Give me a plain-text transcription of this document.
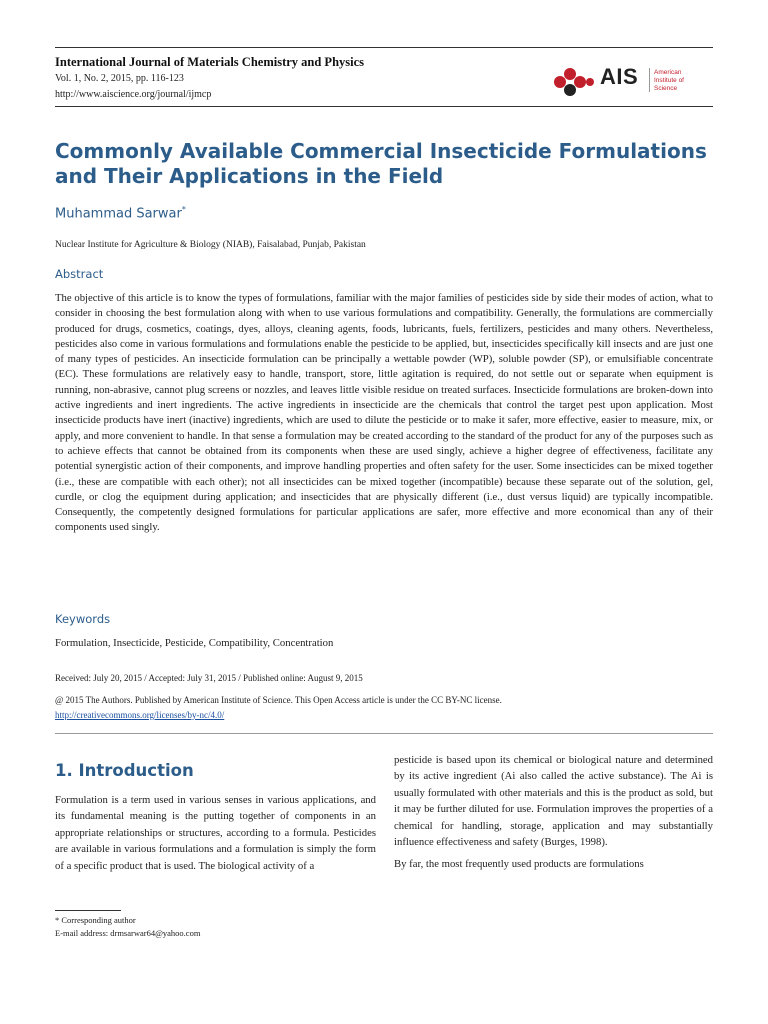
International Journal of Materials Chemistry and Physics
Vol. 1, No. 2, 2015, pp. 116-123
http://www.aiscience.org/journal/ijmcp
AIS American
Institute of
Science
Commonly Available Commercial Insecticide Formulations and Their Applications in the Field
Muhammad Sarwar*
Nuclear Institute for Agriculture & Biology (NIAB), Faisalabad, Punjab, Pakistan
Abstract
The objective of this article is to know the types of formulations, familiar with the major families of pesticides side by side their modes of action, what to consider in choosing the best formulation along with when to use various formulations and compatibility. Generally, the formulations are commercially produced for drugs, cosmetics, coatings, dyes, alloys, cleaning agents, foods, lubricants, fuels, fertilizers, pesticides and many others. Nevertheless, pesticides also come in various formulations and formulations enable the pesticide to be applied, but, insecticides specifically kill insects and are just one of many types of pesticides. An insecticide formulation can be principally a wettable powder (WP), soluble powder (SP), or emulsifiable concentrate (EC). These formulations are relatively easy to handle, transport, store, little agitation is required, do not settle out or separate when equipment is running, non-abrasive, cannot plug screens or nozzles, and leaves little visible residue on treated surfaces. Insecticide formulations are broken-down into active ingredients and inert ingredients. The active ingredients in insecticide are the chemicals that control the target pest upon application. Most insecticide products have inert (inactive) ingredients, which are used to dilute the pesticide or to make it safer, more effective, easier to measure, mix, or apply, and more convenient to handle. In that sense a formulation may be created according to the standard of the product for any of the purposes such as to achieve effects that cannot be obtained from its components when these are used singly, achieve a higher degree of effectiveness, facilitate any potential synergistic action of their components, and improve handling properties and often safety for the user. Some insecticides can be mixed together (i.e., these are compatible with each other); not all insecticides can be mixed together (incompatible) because these separate out of the solution, gel, curdle, or clog the equipment during application; and insecticides that are physically different (i.e., dust versus liquid) are typically incompatible. Consequently, the competently designed formulations for particular applications are safer, more effective and more economical than any of their components used singly.
Keywords
Formulation, Insecticide, Pesticide, Compatibility, Concentration
Received: July 20, 2015 / Accepted: July 31, 2015 / Published online: August 9, 2015
@ 2015 The Authors. Published by American Institute of Science. This Open Access article is under the CC BY-NC license.
http://creativecommons.org/licenses/by-nc/4.0/
1. Introduction
Formulation is a term used in various senses in various applications, and its fundamental meaning is the putting together of components in an appropriate relationships or structures, according to a formula. Pesticides are available in various formulations and a formulation is simply the form of a specific product that is used. The biological activity of a

pesticide is based upon its chemical or biological nature and determined by its active ingredient (Ai also called the active substance). The Ai is usually formulated with other materials and this is the product as sold, but it may be further diluted for use. Formulation improves the properties of a chemical for handling, storage, application and may substantially influence effectiveness and safety (Burges, 1998).

By far, the most frequently used products are formulations

* Corresponding author
E-mail address: drmsarwar64@yahoo.com
